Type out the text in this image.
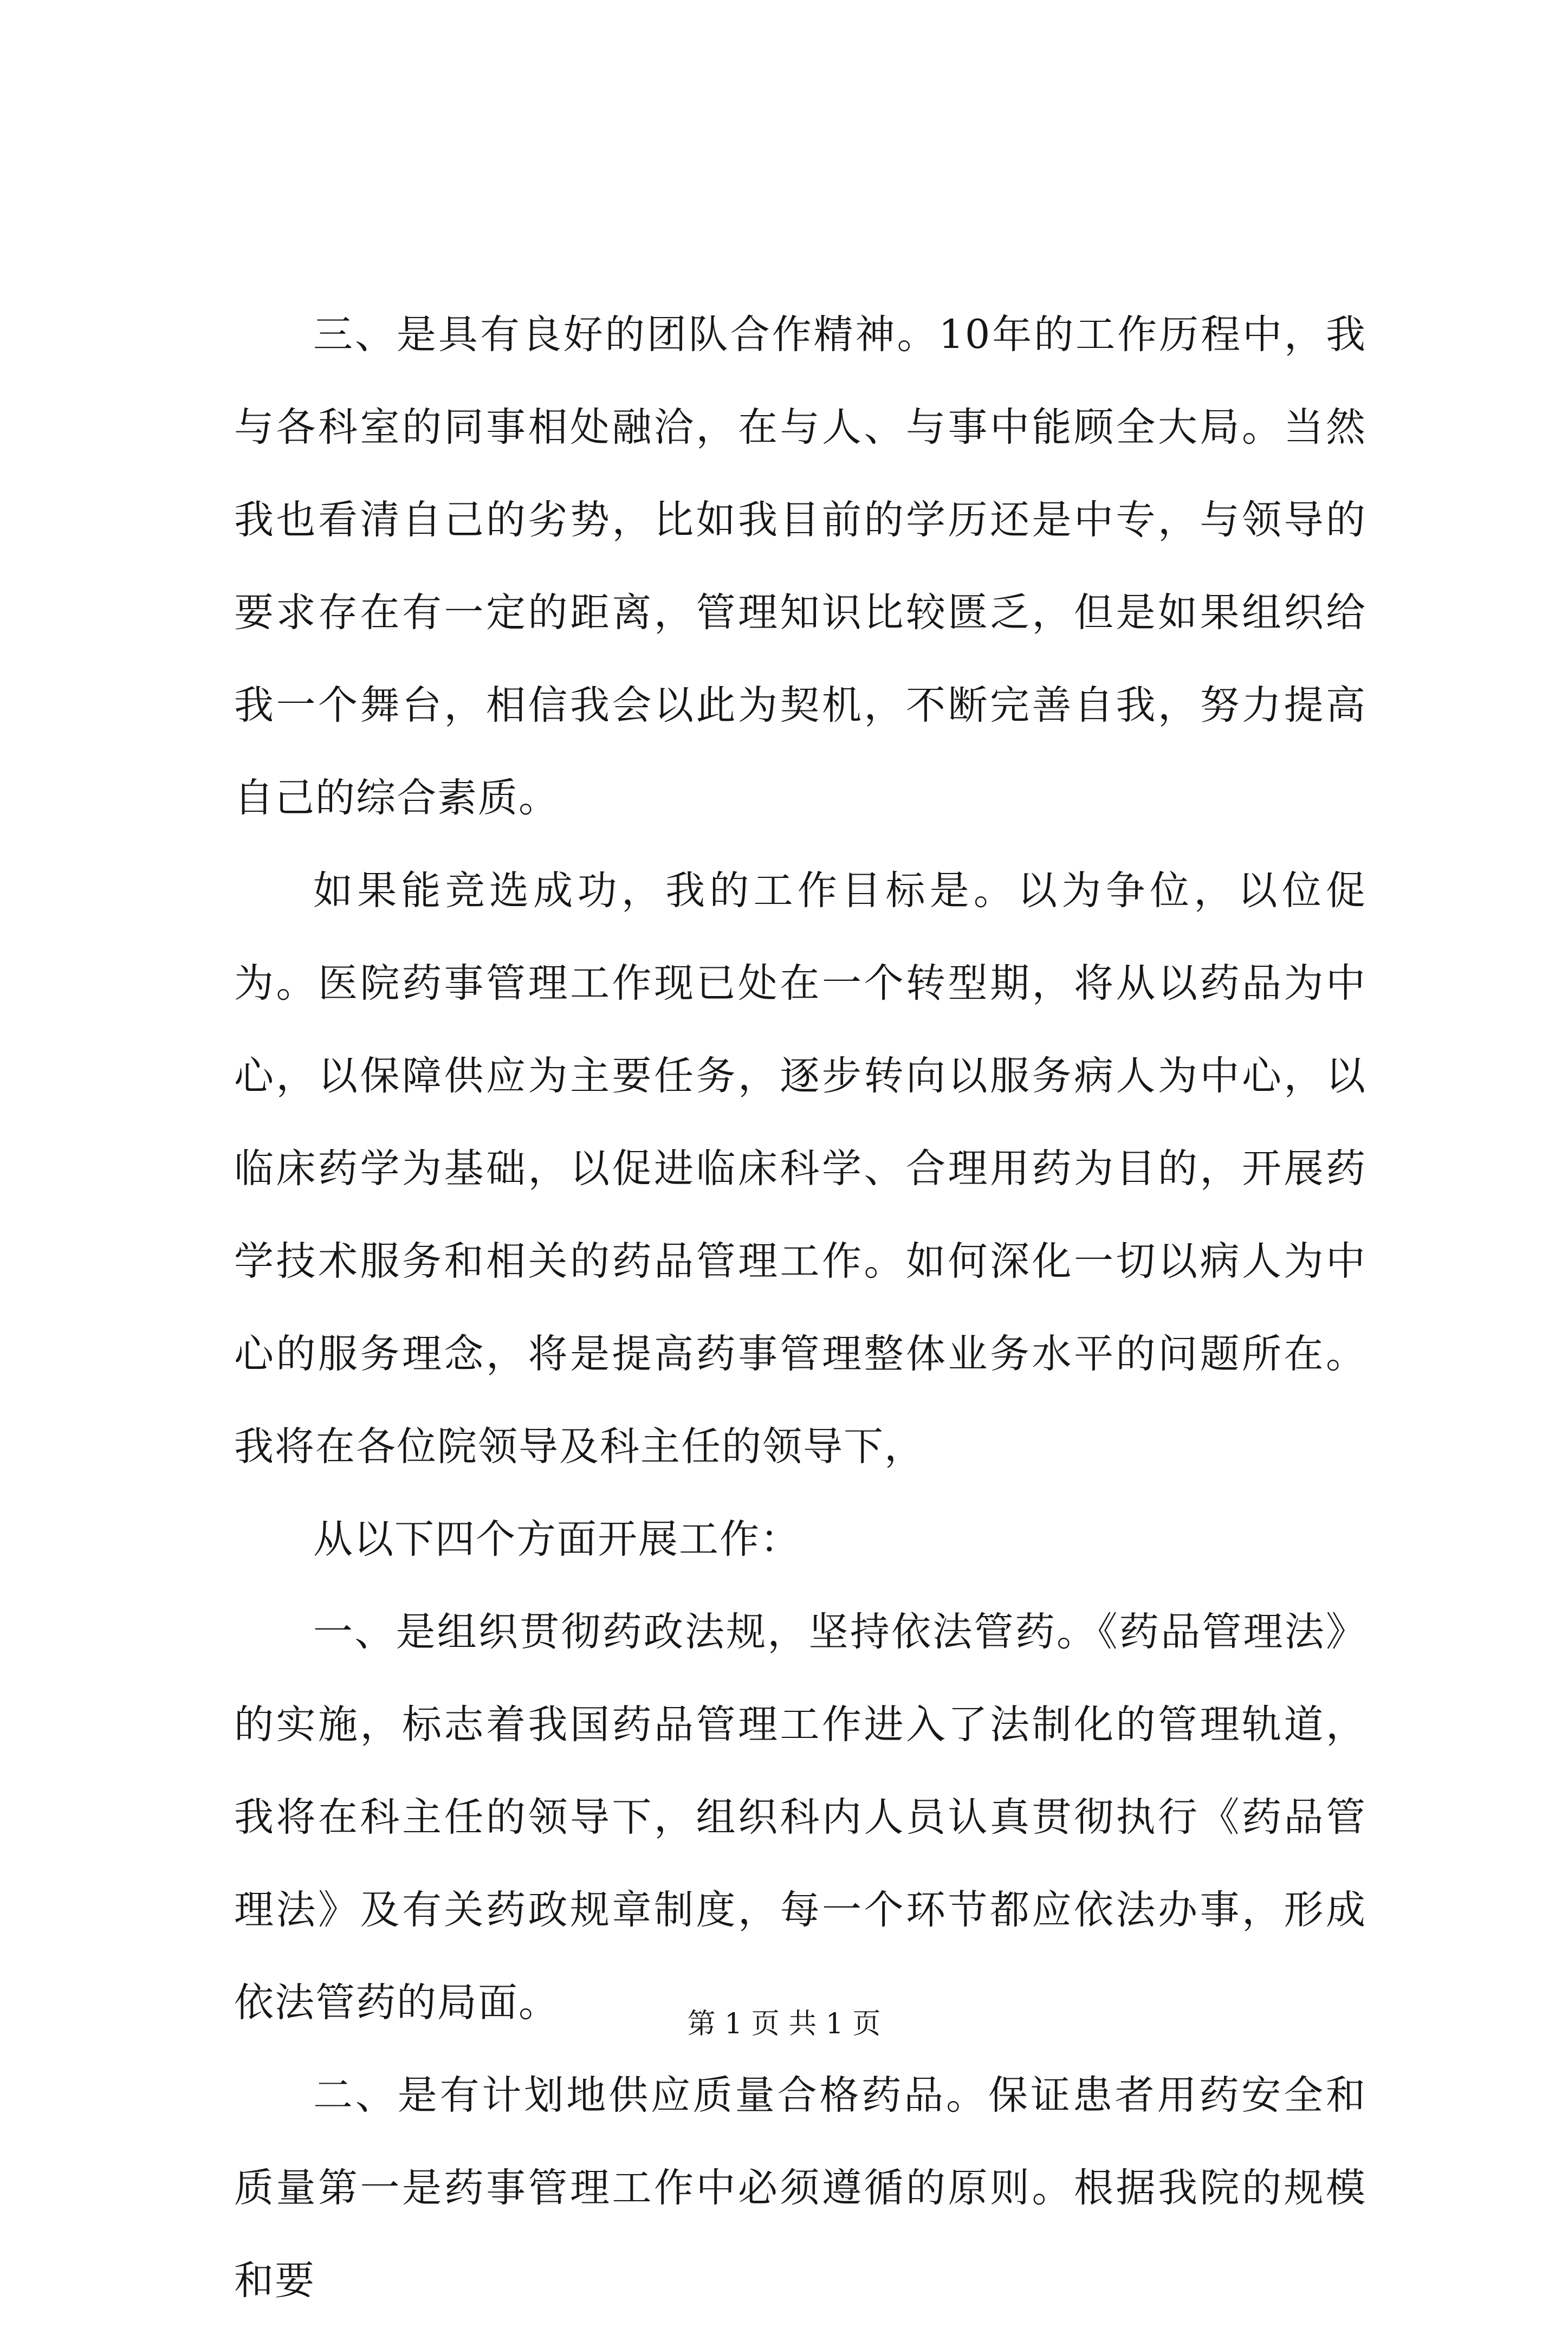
三、是具有良好的团队合作精神。10年的工作历程中，我与各科室的同事相处融洽，在与人、与事中能顾全大局。当然我也看清自己的劣势，比如我目前的学历还是中专，与领导的要求存在有一定的距离，管理知识比较匮乏，但是如果组织给我一个舞台，相信我会以此为契机，不断完善自我，努力提高自己的综合素质。

如果能竞选成功，我的工作目标是。以为争位，以位促为。医院药事管理工作现已处在一个转型期，将从以药品为中心，以保障供应为主要任务，逐步转向以服务病人为中心，以临床药学为基础，以促进临床科学、合理用药为目的，开展药学技术服务和相关的药品管理工作。如何深化一切以病人为中心的服务理念，将是提高药事管理整体业务水平的问题所在。我将在各位院领导及科主任的领导下，

从以下四个方面开展工作：

一、是组织贯彻药政法规，坚持依法管药。《药品管理法》的实施，标志着我国药品管理工作进入了法制化的管理轨道，我将在科主任的领导下，组织科内人员认真贯彻执行《药品管理法》及有关药政规章制度，每一个环节都应依法办事，形成依法管药的局面。

二、是有计划地供应质量合格药品。保证患者用药安全和质量第一是药事管理工作中必须遵循的原则。根据我院的规模和要

第 1 页 共 1 页
